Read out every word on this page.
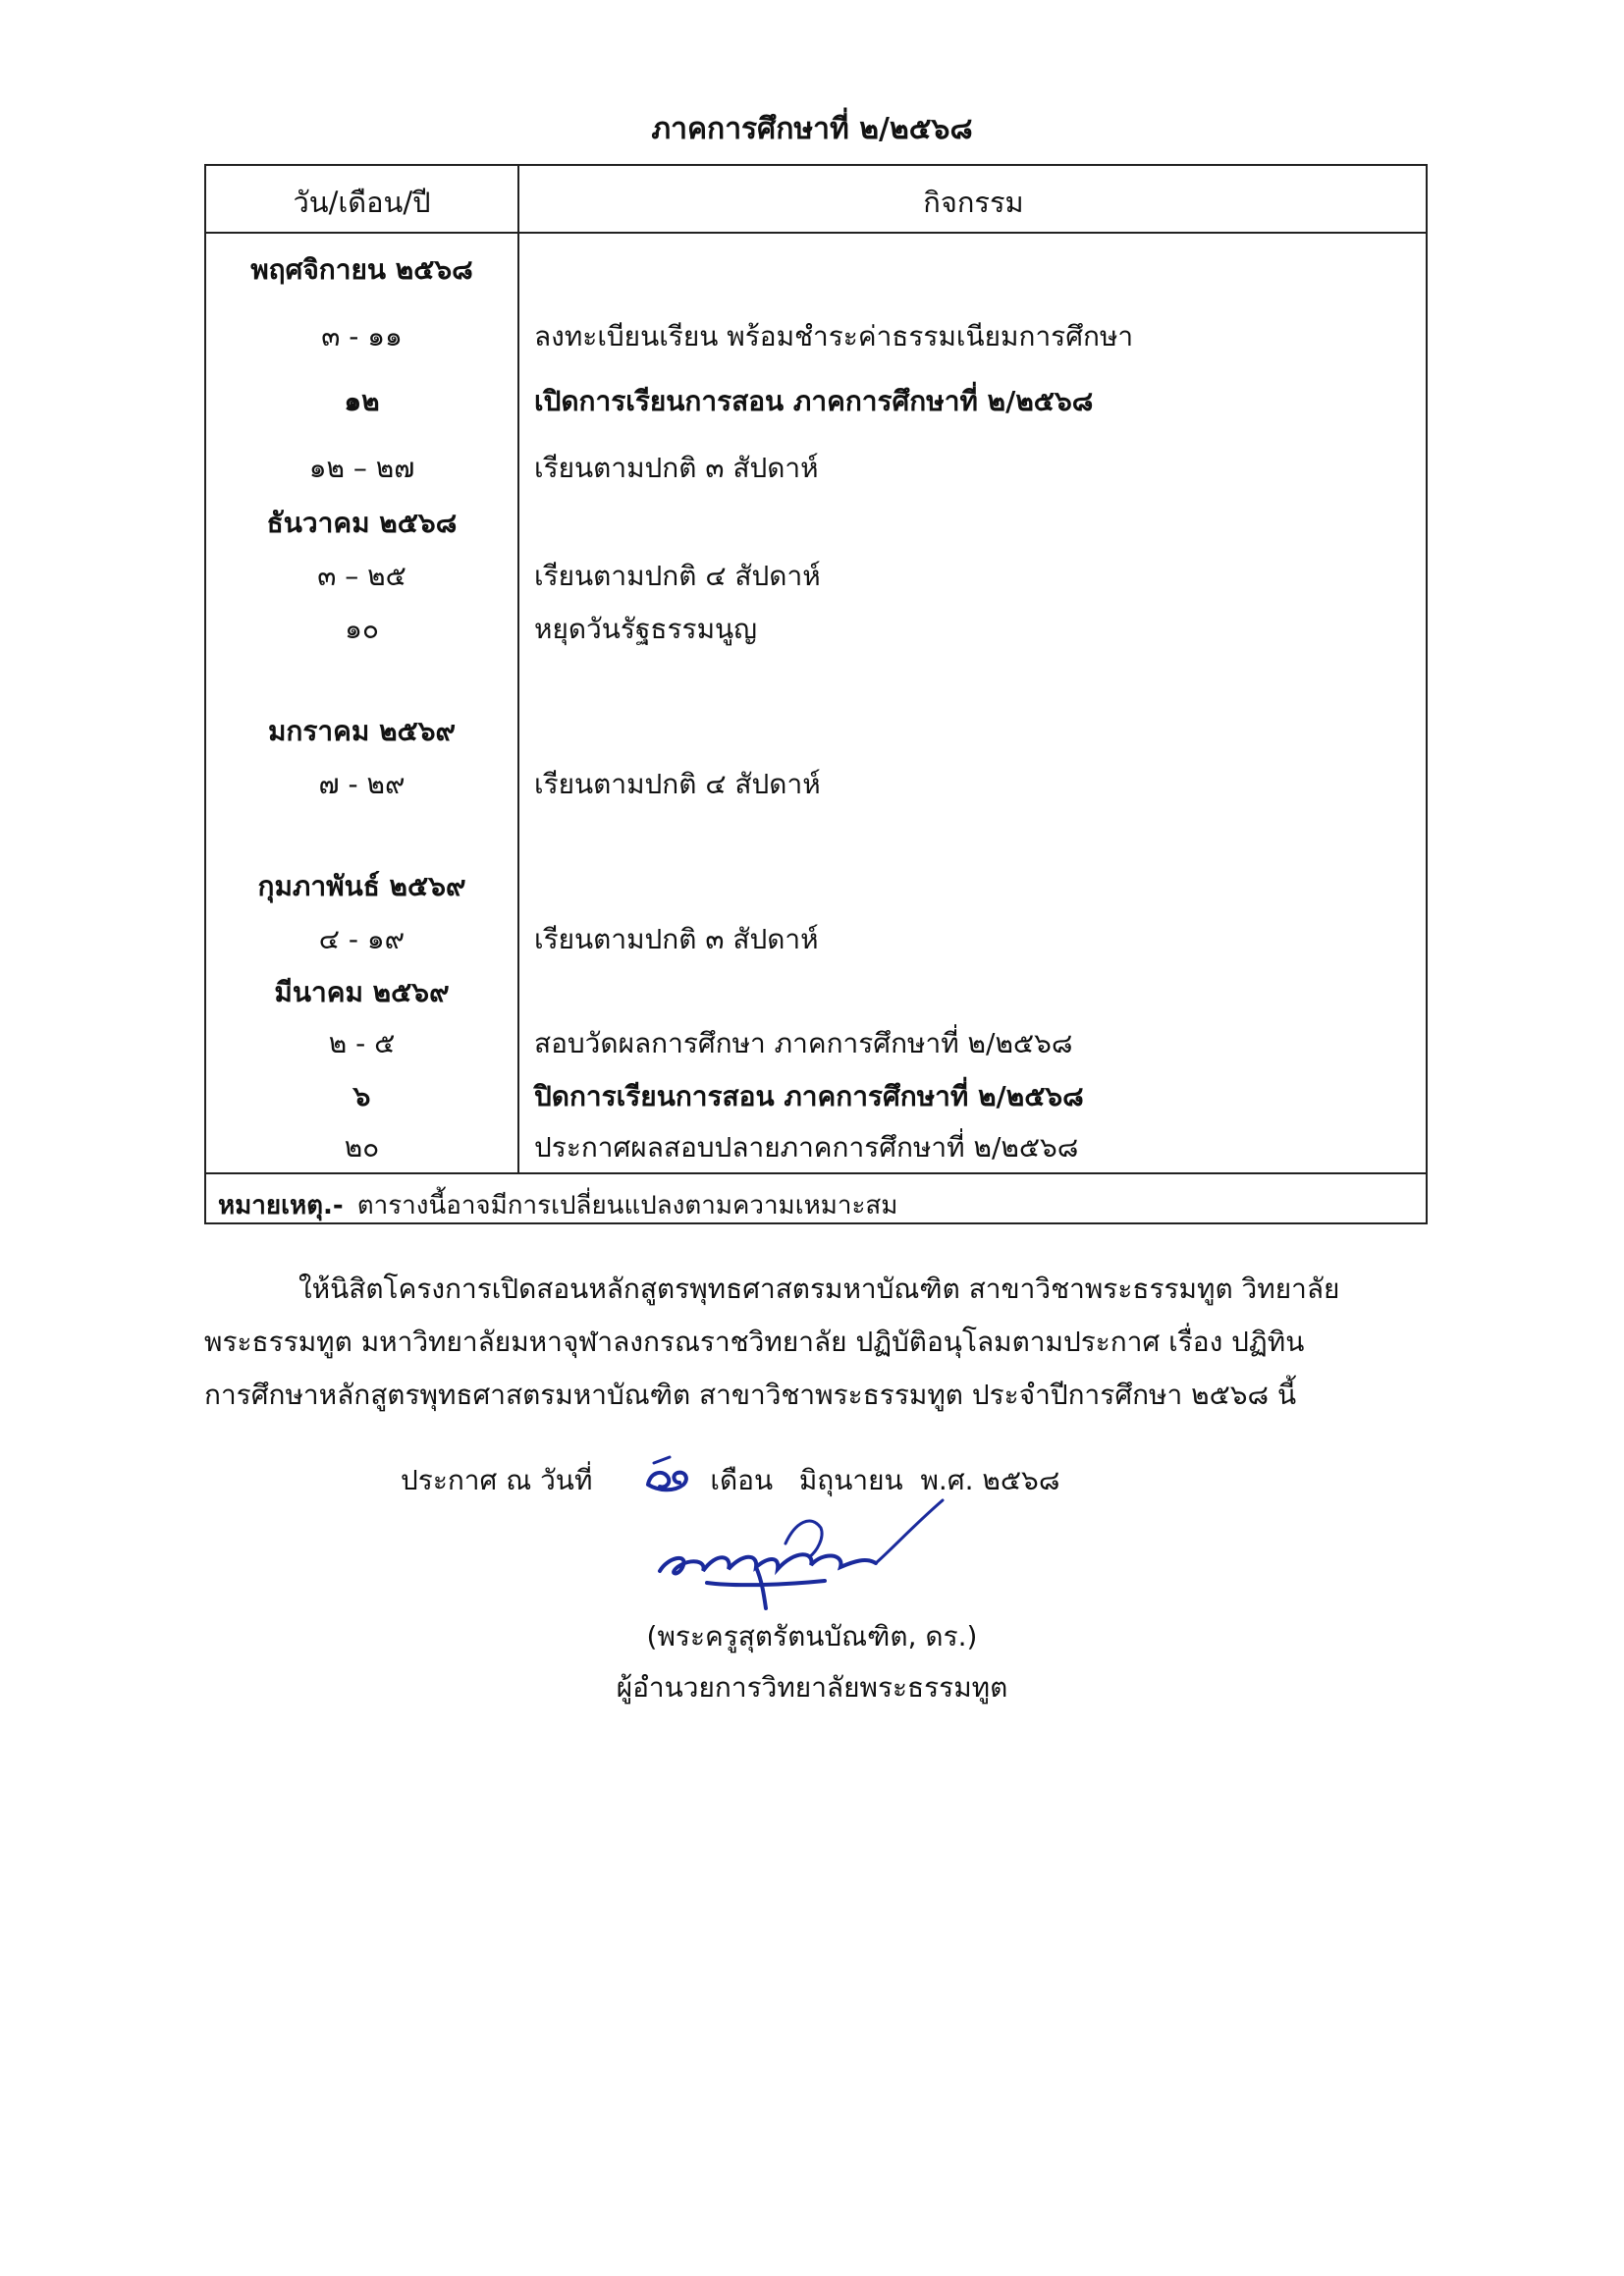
ภาคการศึกษาที่ ๒/๒๕๖๘
วัน/เดือน/ปี	กิจกรรม
พฤศจิกายน ๒๕๖๘
๓ - ๑๑	ลงทะเบียนเรียน พร้อมชำระค่าธรรมเนียมการศึกษา
๑๒	เปิดการเรียนการสอน ภาคการศึกษาที่ ๒/๒๕๖๘
๑๒ – ๒๗	เรียนตามปกติ ๓ สัปดาห์
ธันวาคม ๒๕๖๘
๓ – ๒๕	เรียนตามปกติ ๔ สัปดาห์
๑๐	หยุดวันรัฐธรรมนูญ
มกราคม ๒๕๖๙
๗ - ๒๙	เรียนตามปกติ ๔ สัปดาห์
กุมภาพันธ์ ๒๕๖๙
๔ - ๑๙	เรียนตามปกติ ๓ สัปดาห์
มีนาคม ๒๕๖๙
๒ - ๕	สอบวัดผลการศึกษา ภาคการศึกษาที่ ๒/๒๕๖๘
๖	ปิดการเรียนการสอน ภาคการศึกษาที่ ๒/๒๕๖๘
๒๐	ประกาศผลสอบปลายภาคการศึกษาที่ ๒/๒๕๖๘
หมายเหตุ.- ตารางนี้อาจมีการเปลี่ยนแปลงตามความเหมาะสม
ให้นิสิตโครงการเปิดสอนหลักสูตรพุทธศาสตรมหาบัณฑิต สาขาวิชาพระธรรมทูต วิทยาลัย
พระธรรมทูต มหาวิทยาลัยมหาจุฬาลงกรณราชวิทยาลัย ปฏิบัติอนุโลมตามประกาศ เรื่อง ปฏิทิน
การศึกษาหลักสูตรพุทธศาสตรมหาบัณฑิต สาขาวิชาพระธรรมทูต ประจำปีการศึกษา ๒๕๖๘ นี้
ประกาศ ณ วันที่	เดือน มิถุนายน พ.ศ. ๒๕๖๘
(พระครูสุตรัตนบัณฑิต, ดร.)
ผู้อำนวยการวิทยาลัยพระธรรมทูต
